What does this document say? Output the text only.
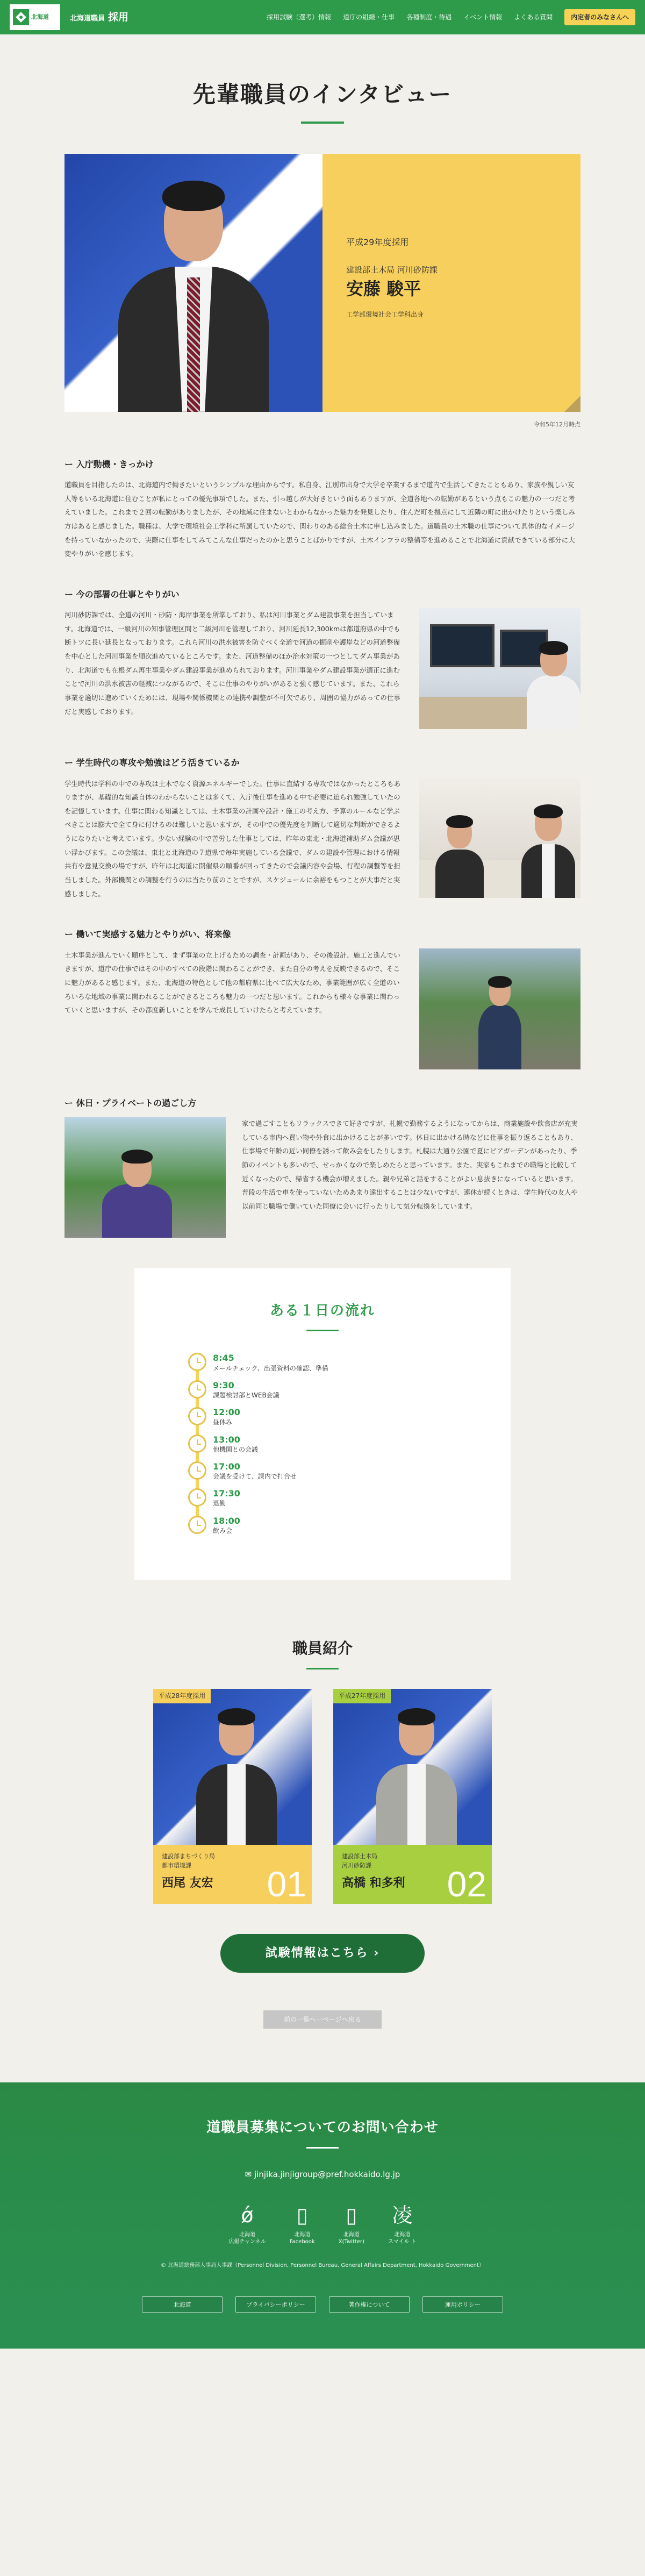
北海道	北海道職員 採用	採用試験（選考）情報 道庁の組織・仕事 各種制度・待遇 イベント情報 よくある質問	内定者のみなさんへ
先輩職員のインタビュー
平成29年度採用
建設部土木局 河川砂防課
安藤 駿平
工学部環境社会工学科出身
令和5年12月時点
ー 入庁動機・きっかけ

道職員を目指したのは、北海道内で働きたいというシンプルな理由からです。私自身、江別市出身で大学を卒業するまで道内で生活してきたこともあり、家族や親しい友人等もいる北海道に住むことが私にとっての優先事項でした。また、引っ越しが大好きという面もありますが、全道各地への転勤があるという点もこの魅力の一つだと考えていました。これまで２回の転勤がありましたが、その地域に住まないとわからなかった魅力を発見したり、住んだ町を拠点にして近隣の町に出かけたりという楽しみ方はあると感じました。職種は、大学で環境社会工学科に所属していたので、関わりのある総合土木に申し込みました。道職員の土木職の仕事について具体的なイメージを持っていなかったので、実際に仕事をしてみてこんな仕事だったのかと思うことばかりですが、土木インフラの整備等を進めることで北海道に貢献できている部分に大変やりがいを感じます。

ー 今の部署の仕事とやりがい

河川砂防課では、全道の河川・砂防・海岸事業を所掌しており、私は河川事業とダム建設事業を担当しています。北海道では、一級河川の知事管理区間と二級河川を管理しており、河川延長12,300kmは都道府県の中でも断トツに長い延長となっております。これら河川の洪水被害を防ぐべく全道で河道の掘削や護岸などの河道整備を中心とした河川事業を順次進めているところです。また、河道整備のほか治水対策の一つとしてダム事業があり、北海道でも在根ダム再生事業やダム建設事業が進められております。河川事業やダム建設事業が適正に進むことで河川の洪水被害の軽減につながるので、そこに仕事のやりがいがあると強く感じています。また、これら事業を適切に進めていくためには、現場や関係機関との連携や調整が不可欠であり、周囲の協力があっての仕事だと実感しております。

ー 学生時代の専攻や勉強はどう活きているか

学生時代は学科の中での専攻は土木でなく資源エネルギーでした。仕事に直結する専攻ではなかったところもありますが、基礎的な知識自体のわからないことは多くて、入庁後仕事を進める中で必要に迫られ勉強していたのを記憶しています。仕事に関わる知識としては、土木事業の計画や設計・施工の考え方、予算のルールなど学ぶべきことは膨大で全て身に付けるのは難しいと思いますが、その中での優先度を判断して適切な判断ができるようになりたいと考えています。少ない経験の中で苦労した仕事としては、昨年の東北・北海道補助ダム会議が思い浮かびます。この会議は、東北と北海道の７道県で毎年実施している会議で、ダムの建設や管理における情報共有や意見交換の場ですが、昨年は北海道に開催県の順番が回ってきたので会議内容や会場、行程の調整等を担当しました。外部機関との調整を行うのは当たり前のことですが、スケジュールに余裕をもつことが大事だと実感しました。

ー 働いて実感する魅力とやりがい、将来像

土木事業が進んでいく順序として、まず事業の立上げるための調査・計画があり、その後設計、施工と進んでいきますが、道庁の仕事ではその中のすべての段階に関わることができ、また自分の考えを反映できるので、そこに魅力があると感じます。また、北海道の特色として他の都府県に比べて広大なため、事業範囲が広く全道のいろいろな地域の事業に関われることができるところも魅力の一つだと思います。これからも様々な事業に関わっていくと思いますが、その都度新しいことを学んで成長していけたらと考えています。

ー 休日・プライベートの過ごし方

家で過ごすこともリラックスできて好きですが、札幌で勤務するようになってからは、商業施設や飲食店が充実している市内へ買い物や外食に出かけることが多いです。休日に出かける時などに仕事を振り返ることもあり、仕事場で年齢の近い同僚を誘って飲み会をしたりします。札幌は大通り公園で夏にビアガーデンがあったり、季節のイベントも多いので、せっかくなので楽しめたらと思っています。また、実家もこれまでの職場と比較して近くなったので、帰省する機会が増えました。親や兄弟と話をすることがよい息抜きになっていると思います。普段の生活で車を使っていないためあまり遠出することは少ないですが、連休が続くときは、学生時代の友人や以前同じ職場で働いていた同僚に会いに行ったりして気分転換をしています。

ある１日の流れ
8:45
メールチェック、出張資料の確認、準備
9:30
課題検討部とWEB会議
12:00
昼休み
13:00
他機関との会議
17:00
会議を受けて、課内で打合せ
17:30
退勤
18:00
飲み会
職員紹介
平成28年度採用
建設部まちづくり局
都市環境課
西尾 友宏	01
平成27年度採用
建設部土木局
河川砂防課
高橋 和多利	02
試験情報はこちら ›
前の一覧へ一ページへ戻る
道職員募集についてのお問い合わせ
✉ jinjika.jinjigroup@pref.hokkaido.lg.jp
ǿ
北海道
広報チャンネル
▯
北海道
Facebook
▯
北海道
X(Twitter)
凌
北海道
スマイル ト
© 北海道総務部人事局人事課（Personnel Division, Personnel Bureau, General Affairs Department, Hokkaido Government）
北海道	プライバシーポリシー	著作権について	運用ポリシー
